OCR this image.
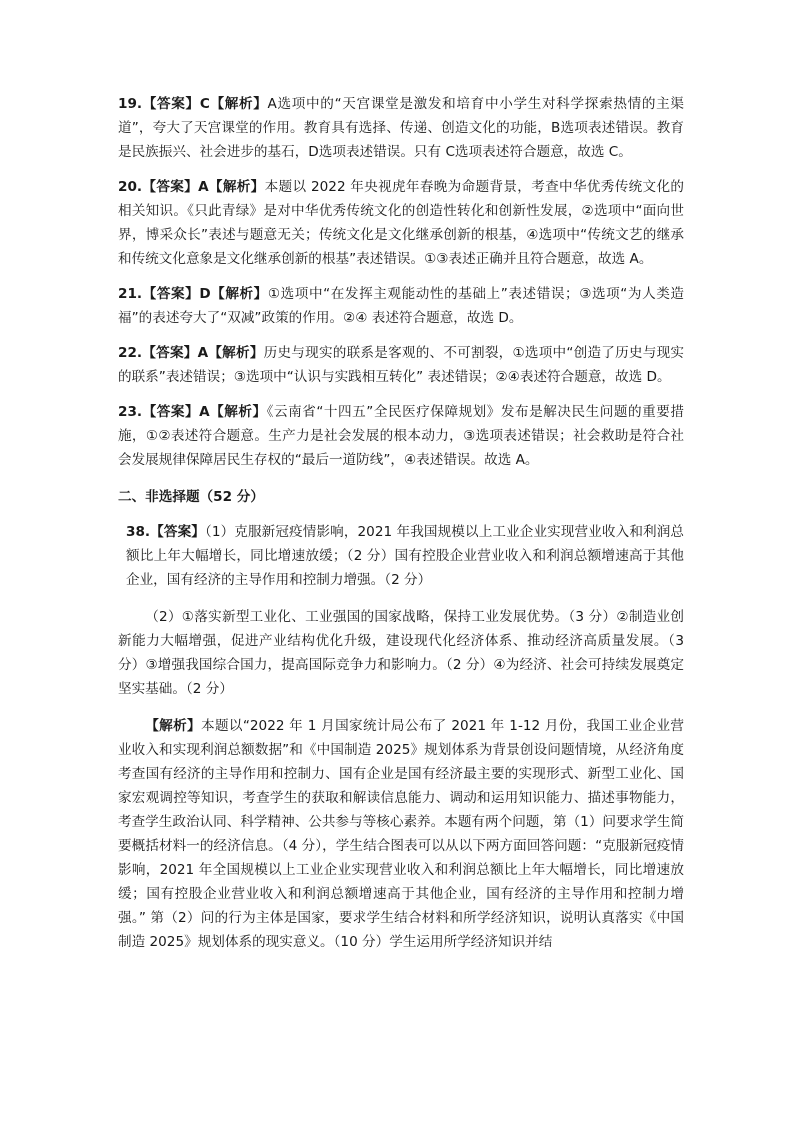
19.【答案】C【解析】A选项中的“天宫课堂是激发和培育中小学生对科学探索热情的主渠道”，夸大了天宫课堂的作用。教育具有选择、传递、创造文化的功能，B选项表述错误。教育是民族振兴、社会进步的基石，D选项表述错误。只有 C选项表述符合题意，故选 C。

20.【答案】A【解析】本题以 2022 年央视虎年春晚为命题背景，考查中华优秀传统文化的相关知识。《只此青绿》是对中华优秀传统文化的创造性转化和创新性发展，②选项中“面向世界，博采众长”表述与题意无关；传统文化是文化继承创新的根基，④选项中“传统文艺的继承和传统文化意象是文化继承创新的根基”表述错误。①③表述正确并且符合题意，故选 A。

21.【答案】D【解析】①选项中“在发挥主观能动性的基础上”表述错误；③选项“为人类造福”的表述夸大了“双减”政策的作用。②④ 表述符合题意，故选 D。

22.【答案】A【解析】历史与现实的联系是客观的、不可割裂，①选项中“创造了历史与现实的联系”表述错误；③选项中“认识与实践相互转化” 表述错误；②④表述符合题意，故选 D。

23.【答案】A【解析】《云南省“十四五”全民医疗保障规划》发布是解决民生问题的重要措施，①②表述符合题意。生产力是社会发展的根本动力，③选项表述错误；社会救助是符合社会发展规律保障居民生存权的“最后一道防线”，④表述错误。故选 A。

二、非选择题（52 分）

38.【答案】（1）克服新冠疫情影响，2021 年我国规模以上工业企业实现营业收入和利润总额比上年大幅增长，同比增速放缓；（2 分）国有控股企业营业收入和利润总额增速高于其他企业，国有经济的主导作用和控制力增强。（2 分）

（2）①落实新型工业化、工业强国的国家战略，保持工业发展优势。（3 分）②制造业创新能力大幅增强，促进产业结构优化升级，建设现代化经济体系、推动经济高质量发展。（3 分）③增强我国综合国力，提高国际竞争力和影响力。（2 分）④为经济、社会可持续发展奠定坚实基础。（2 分）

【解析】本题以“2022 年 1 月国家统计局公布了 2021 年 1-12 月份，我国工业企业营业收入和实现利润总额数据”和《中国制造 2025》规划体系为背景创设问题情境，从经济角度考查国有经济的主导作用和控制力、国有企业是国有经济最主要的实现形式、新型工业化、国家宏观调控等知识，考查学生的获取和解读信息能力、调动和运用知识能力、描述事物能力，考查学生政治认同、科学精神、公共参与等核心素养。本题有两个问题，第（1）问要求学生简要概括材料一的经济信息。（4 分），学生结合图表可以从以下两方面回答问题：“克服新冠疫情影响，2021 年全国规模以上工业企业实现营业收入和利润总额比上年大幅增长，同比增速放缓；国有控股企业营业收入和利润总额增速高于其他企业，国有经济的主导作用和控制力增强。” 第（2）问的行为主体是国家，要求学生结合材料和所学经济知识，说明认真落实《中国制造 2025》规划体系的现实意义。（10 分）学生运用所学经济知识并结
